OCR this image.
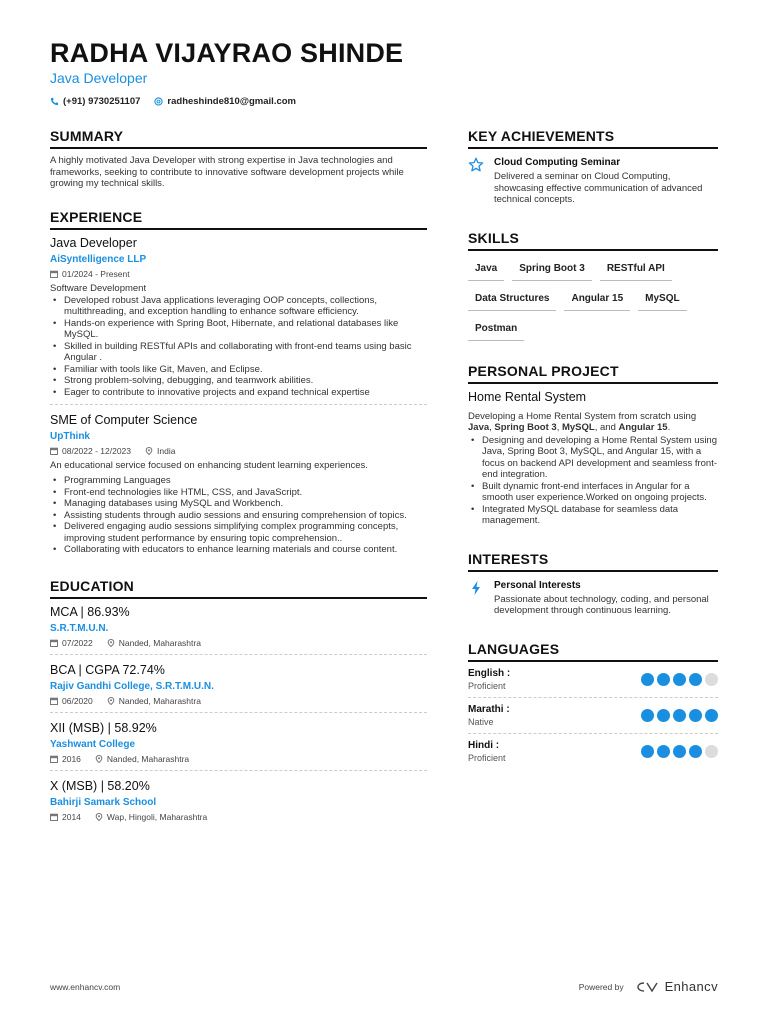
RADHA VIJAYRAO SHINDE
Java Developer
(+91) 9730251107	radheshinde810@gmail.com
SUMMARY
A highly motivated Java Developer with strong expertise in Java technologies and frameworks, seeking to contribute to innovative software development projects while growing my technical skills.
EXPERIENCE
Java Developer
AiSyntelligence LLP
01/2024 - Present
Software Development
• Developed robust Java applications leveraging OOP concepts, collections, multithreading, and exception handling to enhance software efficiency.
• Hands-on experience with Spring Boot, Hibernate, and relational databases like MySQL.
• Skilled in building RESTful APIs and collaborating with front-end teams using basic Angular .
• Familiar with tools like Git, Maven, and Eclipse.
• Strong problem-solving, debugging, and teamwork abilities.
• Eager to contribute to innovative projects and expand technical expertise
SME of Computer Science
UpThink
08/2022 - 12/2023	India
An educational service focused on enhancing student learning experiences.
• Programming Languages
• Front-end technologies like HTML, CSS, and JavaScript.
• Managing databases using MySQL and Workbench.
• Assisting students through audio sessions and ensuring comprehension of topics.
• Delivered engaging audio sessions simplifying complex programming concepts, improving student performance by ensuring topic comprehension..
• Collaborating with educators to enhance learning materials and course content.
EDUCATION
MCA | 86.93%
S.R.T.M.U.N.
07/2022	Nanded, Maharashtra
BCA | CGPA 72.74%
Rajiv Gandhi College, S.R.T.M.U.N.
06/2020	Nanded, Maharashtra
XII (MSB) | 58.92%
Yashwant College
2016	Nanded, Maharashtra
X (MSB) | 58.20%
Bahirji Samark School
2014	Wap, Hingoli, Maharashtra
KEY ACHIEVEMENTS
Cloud Computing Seminar
Delivered a seminar on Cloud Computing, showcasing effective communication of advanced technical concepts.
SKILLS
Java	Spring Boot 3	RESTful API
Data Structures	Angular 15	MySQL
Postman
PERSONAL PROJECT
Home Rental System
Developing a Home Rental System from scratch using Java, Spring Boot 3, MySQL, and Angular 15.
• Designing and developing a Home Rental System using Java, Spring Boot 3, MySQL, and Angular 15, with a focus on backend API development and seamless front-end integration.
• Built dynamic front-end interfaces in Angular for a smooth user experience.Worked on ongoing projects.
• Integrated MySQL database for seamless data management.
INTERESTS
Personal Interests
Passionate about technology, coding, and personal development through continuous learning.
LANGUAGES
English :
Proficient
Marathi :
Native
Hindi :
Proficient
www.enhancv.com	Powered by	Enhancv
